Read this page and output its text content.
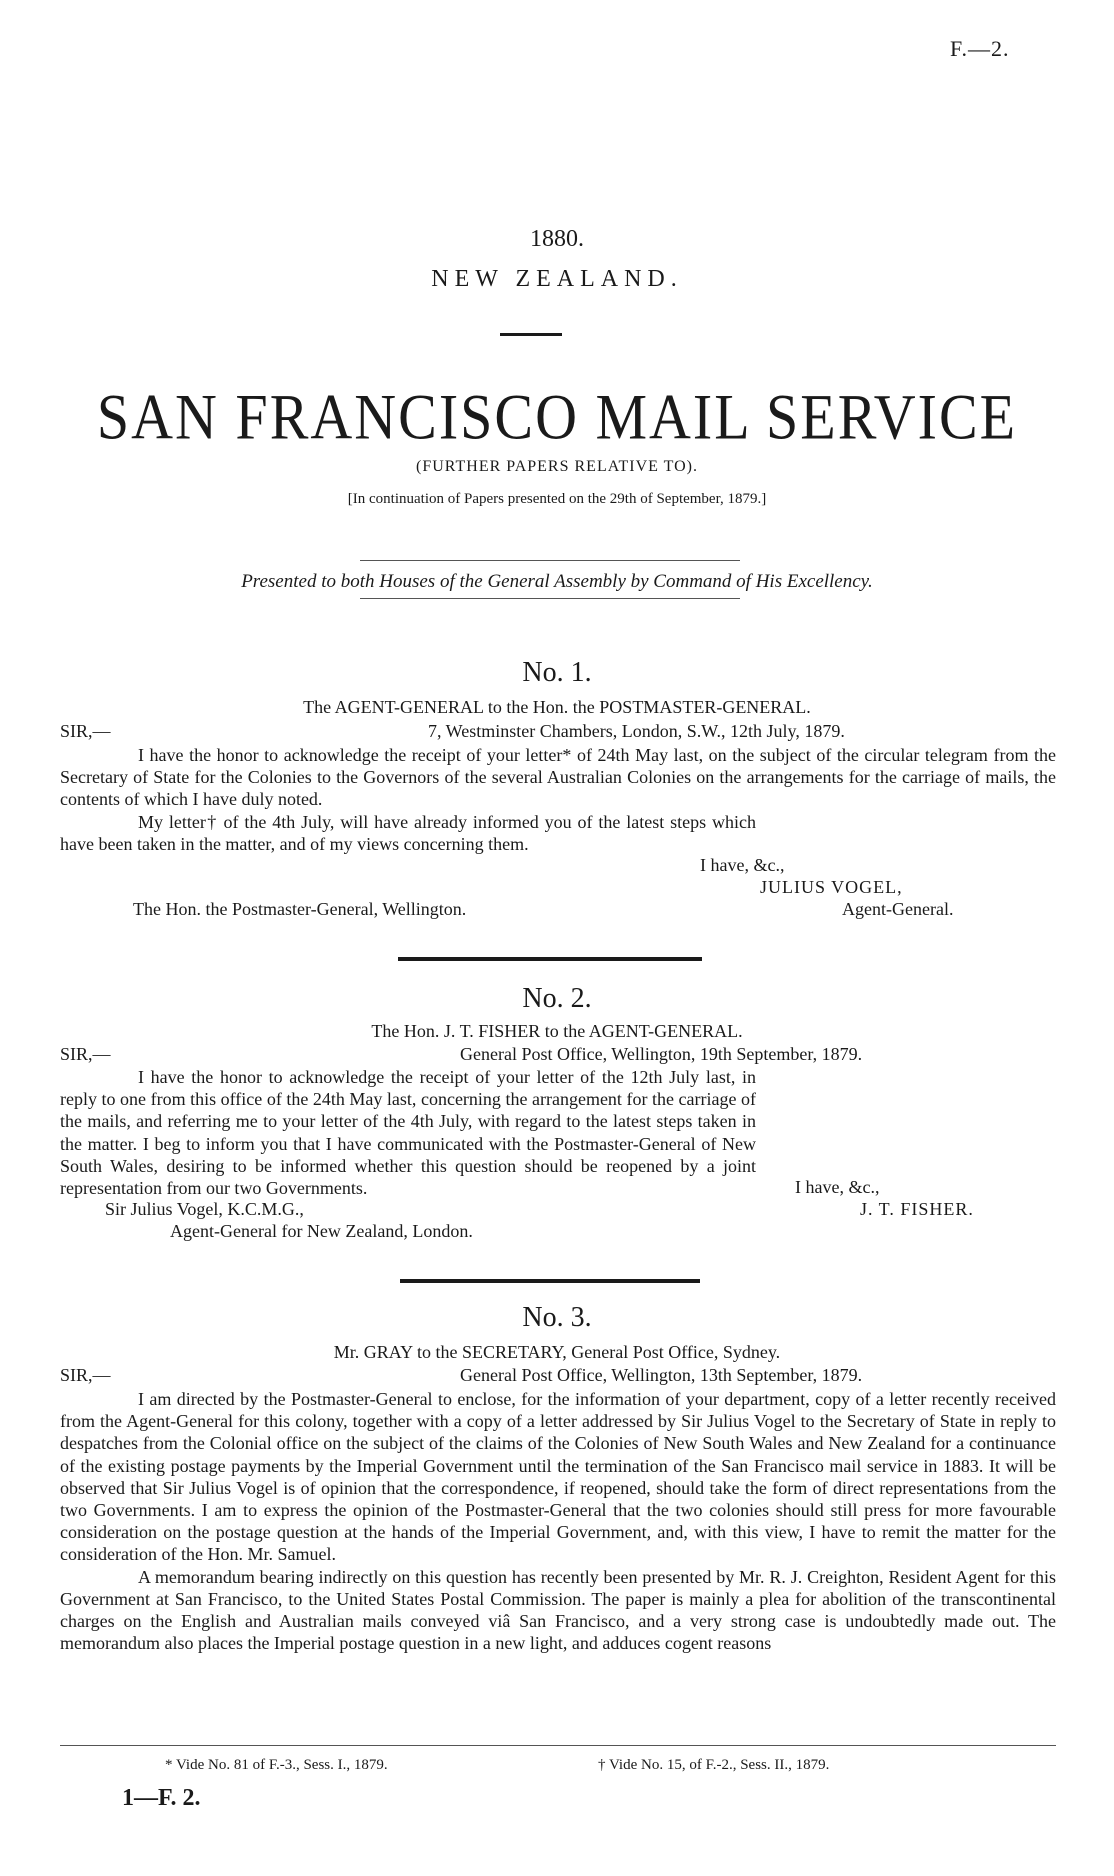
F.—2.
1880.
NEW ZEALAND.
SAN FRANCISCO MAIL SERVICE
(FURTHER PAPERS RELATIVE TO).
[In continuation of Papers presented on the 29th of September, 1879.]
Presented to both Houses of the General Assembly by Command of His Excellency.
No. 1.
The AGENT-GENERAL to the Hon. the POSTMASTER-GENERAL.
SIR,—	7, Westminster Chambers, London, S.W., 12th July, 1879.

I have the honor to acknowledge the receipt of your letter* of 24th May last, on the subject of the circular telegram from the Secretary of State for the Colonies to the Governors of the several Australian Colonies on the arrangements for the carriage of mails, the contents of which I have duly noted.

My letter† of the 4th July, will have already informed you of the latest steps which have been taken in the matter, and of my views concerning them.

I have, &c.,
JULIUS VOGEL,
The Hon. the Postmaster-General, Wellington.	Agent-General.
No. 2.
The Hon. J. T. FISHER to the AGENT-GENERAL.
SIR,—	General Post Office, Wellington, 19th September, 1879.

I have the honor to acknowledge the receipt of your letter of the 12th July last, in reply to one from this office of the 24th May last, concerning the arrangement for the carriage of the mails, and referring me to your letter of the 4th July, with regard to the latest steps taken in the matter. I beg to inform you that I have communicated with the Postmaster-General of New South Wales, desiring to be informed whether this question should be reopened by a joint representation from our two Governments.	I have, &c.,
Sir Julius Vogel, K.C.M.G.,	J. T. FISHER.
Agent-General for New Zealand, London.
No. 3.
Mr. GRAY to the SECRETARY, General Post Office, Sydney.
SIR,—	General Post Office, Wellington, 13th September, 1879.

I am directed by the Postmaster-General to enclose, for the information of your department, copy of a letter recently received from the Agent-General for this colony, together with a copy of a letter addressed by Sir Julius Vogel to the Secretary of State in reply to despatches from the Colonial office on the subject of the claims of the Colonies of New South Wales and New Zealand for a continuance of the existing postage payments by the Imperial Government until the termination of the San Francisco mail service in 1883. It will be observed that Sir Julius Vogel is of opinion that the correspondence, if reopened, should take the form of direct representations from the two Governments. I am to express the opinion of the Postmaster-General that the two colonies should still press for more favourable consideration on the postage question at the hands of the Imperial Government, and, with this view, I have to remit the matter for the consideration of the Hon. Mr. Samuel.

A memorandum bearing indirectly on this question has recently been presented by Mr. R. J. Creighton, Resident Agent for this Government at San Francisco, to the United States Postal Commission. The paper is mainly a plea for abolition of the transcontinental charges on the English and Australian mails conveyed viâ San Francisco, and a very strong case is undoubtedly made out. The memorandum also places the Imperial postage question in a new light, and adduces cogent reasons

* Vide No. 81 of F.-3., Sess. I., 1879.	† Vide No. 15, of F.-2., Sess. II., 1879.
1—F. 2.
